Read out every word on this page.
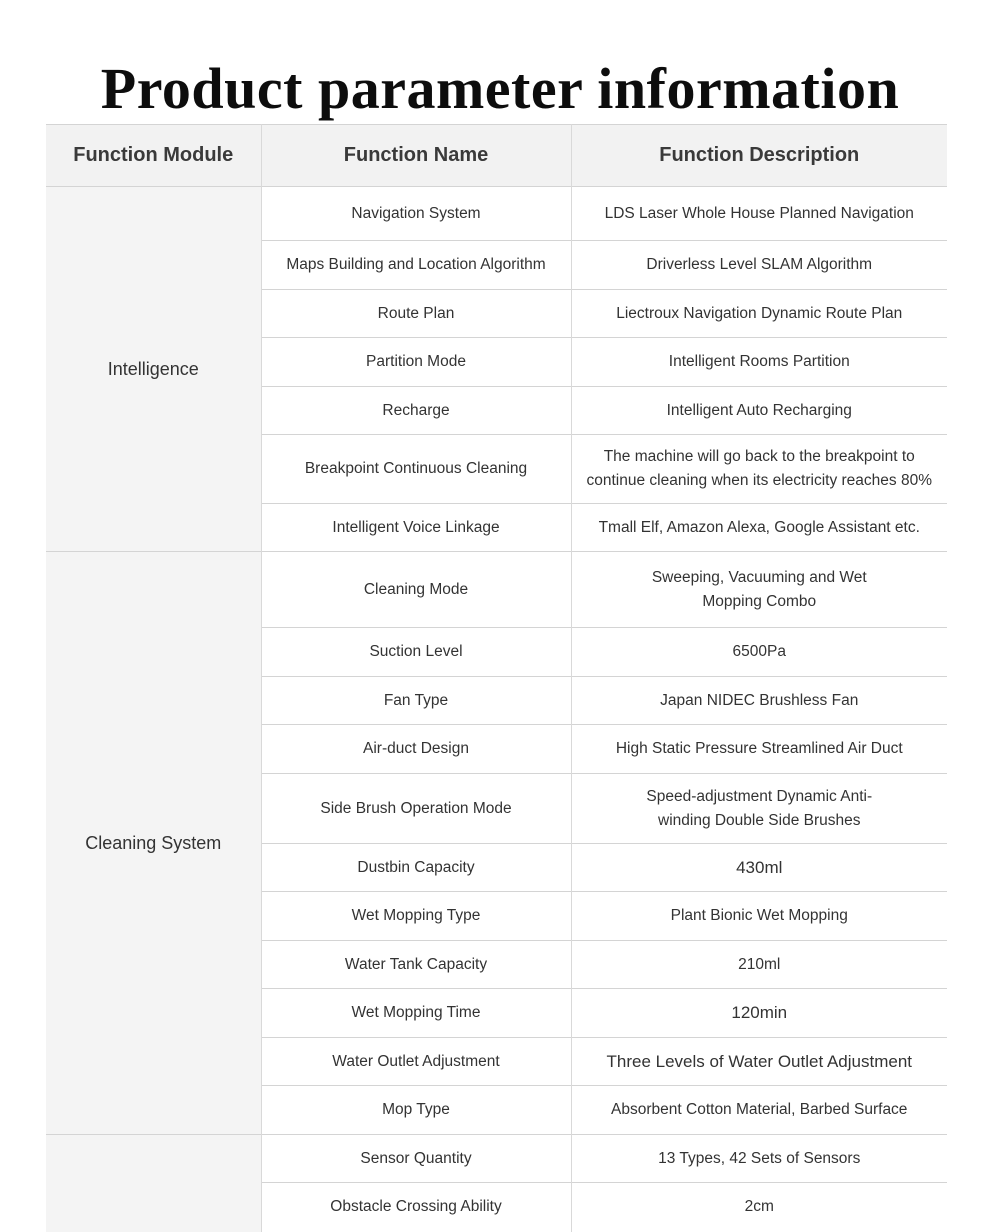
Product parameter information
Function Module	Function Name	Function Description
Intelligence	Navigation System	LDS Laser Whole House Planned Navigation
	Maps Building and Location Algorithm	Driverless Level SLAM Algorithm
	Route Plan	Liectroux Navigation Dynamic Route Plan
	Partition Mode	Intelligent Rooms Partition
	Recharge	Intelligent Auto Recharging
	Breakpoint Continuous Cleaning	The machine will go back to the breakpoint to continue cleaning when its electricity reaches 80%
	Intelligent Voice Linkage	Tmall Elf, Amazon Alexa, Google Assistant etc.
Cleaning System	Cleaning Mode	Sweeping, Vacuuming and Wet Mopping Combo
	Suction Level	6500Pa
	Fan Type	Japan NIDEC Brushless Fan
	Air-duct Design	High Static Pressure Streamlined Air Duct
	Side Brush Operation Mode	Speed-adjustment Dynamic Anti-winding Double Side Brushes
	Dustbin Capacity	430ml
	Wet Mopping Type	Plant Bionic Wet Mopping
	Water Tank Capacity	210ml
	Wet Mopping Time	120min
	Water Outlet Adjustment	Three Levels of Water Outlet Adjustment
	Mop Type	Absorbent Cotton Material, Barbed Surface
	Sensor Quantity	13 Types, 42 Sets of Sensors
	Obstacle Crossing Ability	2cm
